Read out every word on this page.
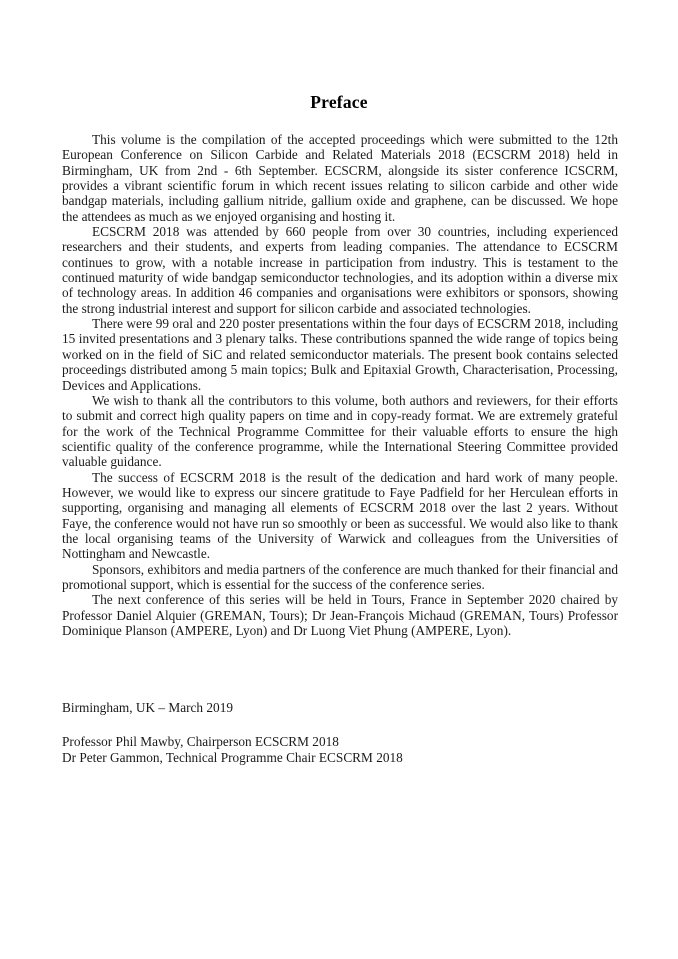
Preface

This volume is the compilation of the accepted proceedings which were submitted to the 12th European Conference on Silicon Carbide and Related Materials 2018 (ECSCRM 2018) held in Birmingham, UK from 2nd - 6th September. ECSCRM, alongside its sister conference ICSCRM, provides a vibrant scientific forum in which recent issues relating to silicon carbide and other wide bandgap materials, including gallium nitride, gallium oxide and graphene, can be discussed. We hope the attendees as much as we enjoyed organising and hosting it.

ECSCRM 2018 was attended by 660 people from over 30 countries, including experienced researchers and their students, and experts from leading companies. The attendance to ECSCRM continues to grow, with a notable increase in participation from industry. This is testament to the continued maturity of wide bandgap semiconductor technologies, and its adoption within a diverse mix of technology areas. In addition 46 companies and organisations were exhibitors or sponsors, showing the strong industrial interest and support for silicon carbide and associated technologies.

There were 99 oral and 220 poster presentations within the four days of ECSCRM 2018, including 15 invited presentations and 3 plenary talks. These contributions spanned the wide range of topics being worked on in the field of SiC and related semiconductor materials. The present book contains selected proceedings distributed among 5 main topics; Bulk and Epitaxial Growth, Characterisation, Processing, Devices and Applications.

We wish to thank all the contributors to this volume, both authors and reviewers, for their efforts to submit and correct high quality papers on time and in copy-ready format. We are extremely grateful for the work of the Technical Programme Committee for their valuable efforts to ensure the high scientific quality of the conference programme, while the International Steering Committee provided valuable guidance.

The success of ECSCRM 2018 is the result of the dedication and hard work of many people. However, we would like to express our sincere gratitude to Faye Padfield for her Herculean efforts in supporting, organising and managing all elements of ECSCRM 2018 over the last 2 years. Without Faye, the conference would not have run so smoothly or been as successful. We would also like to thank the local organising teams of the University of Warwick and colleagues from the Universities of Nottingham and Newcastle.

Sponsors, exhibitors and media partners of the conference are much thanked for their financial and promotional support, which is essential for the success of the conference series.

The next conference of this series will be held in Tours, France in September 2020 chaired by Professor Daniel Alquier (GREMAN, Tours); Dr Jean-François Michaud (GREMAN, Tours) Professor Dominique Planson (AMPERE, Lyon) and Dr Luong Viet Phung (AMPERE, Lyon).

Birmingham, UK – March 2019

Professor Phil Mawby, Chairperson ECSCRM 2018

Dr Peter Gammon, Technical Programme Chair ECSCRM 2018
